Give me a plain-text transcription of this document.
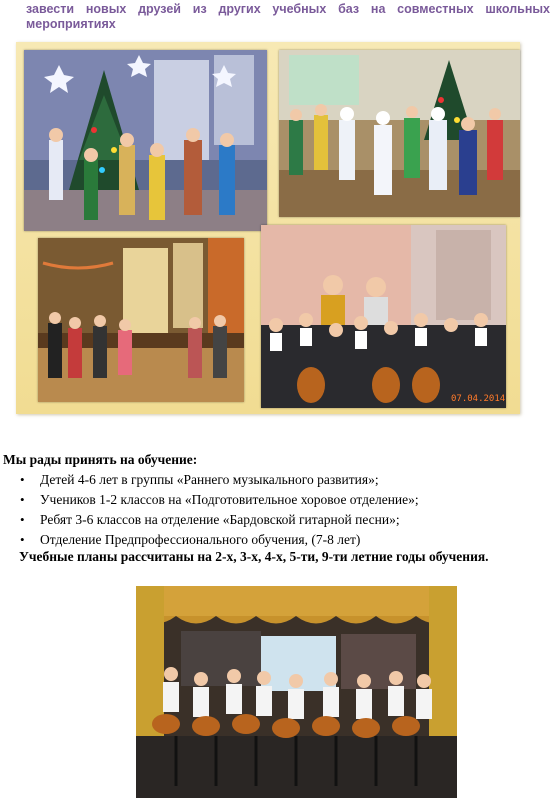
завести новых друзей из других учебных баз на совместных школьных мероприятиях
07.04.2014
Мы рады принять на обучение:
• Детей 4-6 лет в группы «Раннего музыкального развития»;
• Учеников 1-2 классов на «Подготовительное хоровое отделение»;
• Ребят 3-6 классов на отделение «Бардовской гитарной песни»;
• Отделение Предпрофессионального обучения, (7-8 лет)
Учебные планы рассчитаны на 2-х, 3-х, 4-х, 5-ти, 9-ти летние годы обучения.
